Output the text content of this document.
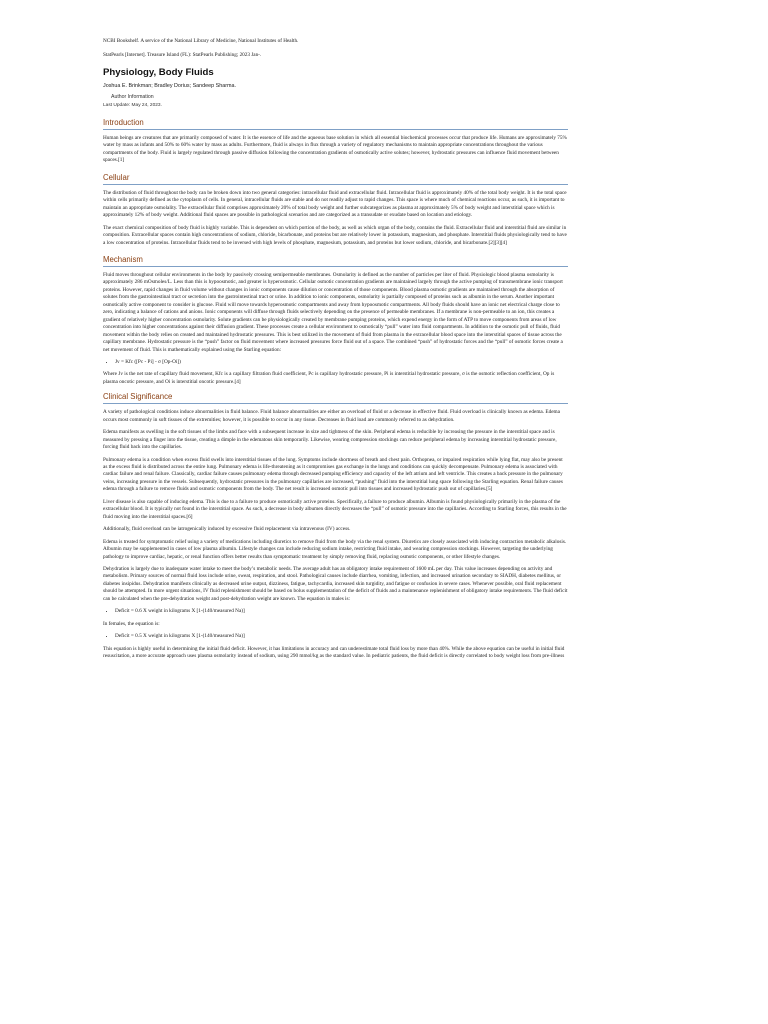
NCBI Bookshelf. A service of the National Library of Medicine, National Institutes of Health.
StatPearls [Internet]. Treasure Island (FL): StatPearls Publishing; 2023 Jan-.
Physiology, Body Fluids
Joshua E. Brinkman; Bradley Dorius; Sandeep Sharma.
Author Information
Last Update: May 24, 2023.
Introduction

Human beings are creatures that are primarily composed of water. It is the essence of life and the aqueous base solution in which all essential biochemical processes occur that produce life. Humans are approximately 75% water by mass as infants and 50% to 60% water by mass as adults. Furthermore, fluid is always in flux through a variety of regulatory mechanisms to maintain appropriate concentrations throughout the various compartments of the body. Fluid is largely regulated through passive diffusion following the concentration gradients of osmotically active solutes; however, hydrostatic pressures can influence fluid movement between spaces.[1]

Cellular

The distribution of fluid throughout the body can be broken down into two general categories: intracellular fluid and extracellular fluid. Intracellular fluid is approximately 40% of the total body weight. It is the total space within cells primarily defined as the cytoplasm of cells. In general, intracellular fluids are stable and do not readily adjust to rapid changes. This space is where much of chemical reactions occur, as such, it is important to maintain an appropriate osmolality. The extracellular fluid comprises approximately 20% of total body weight and further subcategorizes as plasma at approximately 5% of body weight and interstitial space which is approximately 12% of body weight. Additional fluid spaces are possible in pathological scenarios and are categorized as a transudate or exudate based on location and etiology.

The exact chemical composition of body fluid is highly variable. This is dependent on which portion of the body, as well as which organ of the body, contains the fluid. Extracellular fluid and interstitial fluid are similar in composition. Extracellular spaces contain high concentrations of sodium, chloride, bicarbonate, and proteins but are relatively lower in potassium, magnesium, and phosphate. Interstitial fluids physiologically tend to have a low concentration of proteins. Intracellular fluids tend to be inversed with high levels of phosphate, magnesium, potassium, and proteins but lower sodium, chloride, and bicarbonate.[2][3][4]

Mechanism

Fluid moves throughout cellular environments in the body by passively crossing semipermeable membranes. Osmolarity is defined as the number of particles per liter of fluid. Physiologic blood plasma osmolarity is approximately 286 mOsmoles/L. Less than this is hypoosmotic, and greater is hyperosmotic. Cellular osmotic concentration gradients are maintained largely through the active pumping of transmembrane ionic transport proteins. However, rapid changes in fluid volume without changes in ionic components cause dilution or concentration of those components. Blood plasma osmotic gradients are maintained through the absorption of solutes from the gastrointestinal tract or secretion into the gastrointestinal tract or urine. In addition to ionic components, osmolarity is partially composed of proteins such as albumin in the serum. Another important osmotically active component to consider is glucose. Fluid will move towards hyperosmotic compartments and away from hypoosmotic compartments. All body fluids should have an ionic net electrical charge close to zero, indicating a balance of cations and anions. Ionic components will diffuse through fluids selectively depending on the presence of permeable membranes. If a membrane is non-permeable to an ion, this creates a gradient of relatively higher concentration osmolarity. Solute gradients can be physiologically created by membrane pumping proteins, which expend energy in the form of ATP to move components from areas of low concentration into higher concentrations against their diffusion gradient. These processes create a cellular environment to osmotically “pull” water into fluid compartments. In addition to the osmotic pull of fluids, fluid movement within the body relies on created and maintained hydrostatic pressures. This is best utilized in the movement of fluid from plasma in the extracellular blood space into the interstitial spaces of tissue across the capillary membrane. Hydrostatic pressure is the “push” factor on fluid movement where increased pressures force fluid out of a space. The combined “push” of hydrostatic forces and the “pull” of osmotic forces create a net movement of fluid. This is mathematically explained using the Starling equation:

• Jv = Kfc ([Pc - Pi] - σ [Op-Oi])

Where Jv is the net rate of capillary fluid movement, Kfc is a capillary filtration fluid coefficient, Pc is capillary hydrostatic pressure, Pi is interstitial hydrostatic pressure, σ is the osmotic reflection coefficient, Op is plasma oncotic pressure, and Oi is interstitial oncotic pressure.[4]

Clinical Significance

A variety of pathological conditions induce abnormalities in fluid balance. Fluid balance abnormalities are either an overload of fluid or a decrease in effective fluid. Fluid overload is clinically known as edema. Edema occurs most commonly in soft tissues of the extremities; however, it is possible to occur in any tissue. Decreases in fluid load are commonly referred to as dehydration.

Edema manifests as swelling in the soft tissues of the limbs and face with a subsequent increase in size and tightness of the skin. Peripheral edema is reducible by increasing the pressure in the interstitial space and is measured by pressing a finger into the tissue, creating a dimple in the edematous skin temporarily. Likewise, wearing compression stockings can reduce peripheral edema by increasing interstitial hydrostatic pressure, forcing fluid back into the capillaries.

Pulmonary edema is a condition when excess fluid swells into interstitial tissues of the lung. Symptoms include shortness of breath and chest pain. Orthopnea, or impaired respiration while lying flat, may also be present as the excess fluid is distributed across the entire lung. Pulmonary edema is life-threatening as it compromises gas exchange in the lungs and conditions can quickly decompensate. Pulmonary edema is associated with cardiac failure and renal failure. Classically, cardiac failure causes pulmonary edema through decreased pumping efficiency and capacity of the left atrium and left ventricle. This creates a back pressure in the pulmonary veins, increasing pressure in the vessels. Subsequently, hydrostatic pressures in the pulmonary capillaries are increased, “pushing” fluid into the interstitial lung space following the Starling equation. Renal failure causes edema through a failure to remove fluids and osmotic components from the body. The net result is increased osmotic pull into tissues and increased hydrostatic push out of capillaries.[5]

Liver disease is also capable of inducing edema. This is due to a failure to produce osmotically active proteins. Specifically, a failure to produce albumin. Albumin is found physiologically primarily in the plasma of the extracellular blood. It is typically not found in the interstitial space. As such, a decrease in body albumen directly decreases the “pull” of osmotic pressure into the capillaries. According to Starling forces, this results in the fluid moving into the interstitial spaces.[6]

Additionally, fluid overload can be iatrogenically induced by excessive fluid replacement via intravenous (IV) access.

Edema is treated for symptomatic relief using a variety of medications including diuretics to remove fluid from the body via the renal system. Diuretics are closely associated with inducing contraction metabolic alkalosis. Albumin may be supplemented in cases of low plasma albumin. Lifestyle changes can include reducing sodium intake, restricting fluid intake, and wearing compression stockings. However, targeting the underlying pathology to improve cardiac, hepatic, or renal function offers better results than symptomatic treatment by simply removing fluid, replacing osmotic components, or other lifestyle changes.

Dehydration is largely due to inadequate water intake to meet the body’s metabolic needs. The average adult has an obligatory intake requirement of 1600 mL per day. This value increases depending on activity and metabolism. Primary sources of normal fluid loss include urine, sweat, respiration, and stool. Pathological causes include diarrhea, vomiting, infection, and increased urination secondary to SIADH, diabetes mellitus, or diabetes insipidus. Dehydration manifests clinically as decreased urine output, dizziness, fatigue, tachycardia, increased skin turgidity, and fatigue or confusion in severe cases. Whenever possible, oral fluid replacement should be attempted. In more urgent situations, IV fluid replenishment should be based on bolus supplementation of the deficit of fluids and a maintenance replenishment of obligatory intake requirements. The fluid deficit can be calculated when the pre-dehydration weight and post-dehydration weight are known. The equation in males is:

• Deficit = 0.6 X weight in kilograms X [1-(140/measured Na)]

In females, the equation is:

• Deficit = 0.5 X weight in kilograms X [1-(140/measured Na)]

This equation is highly useful in determining the initial fluid deficit. However, it has limitations in accuracy and can underestimate total fluid loss by more than 40%. While the above equation can be useful in initial fluid resuscitation, a more accurate approach uses plasma osmolarity instead of sodium, using 290 mmol/kg as the standard value. In pediatric patients, the fluid deficit is directly correlated to body weight loss from pre-illness
